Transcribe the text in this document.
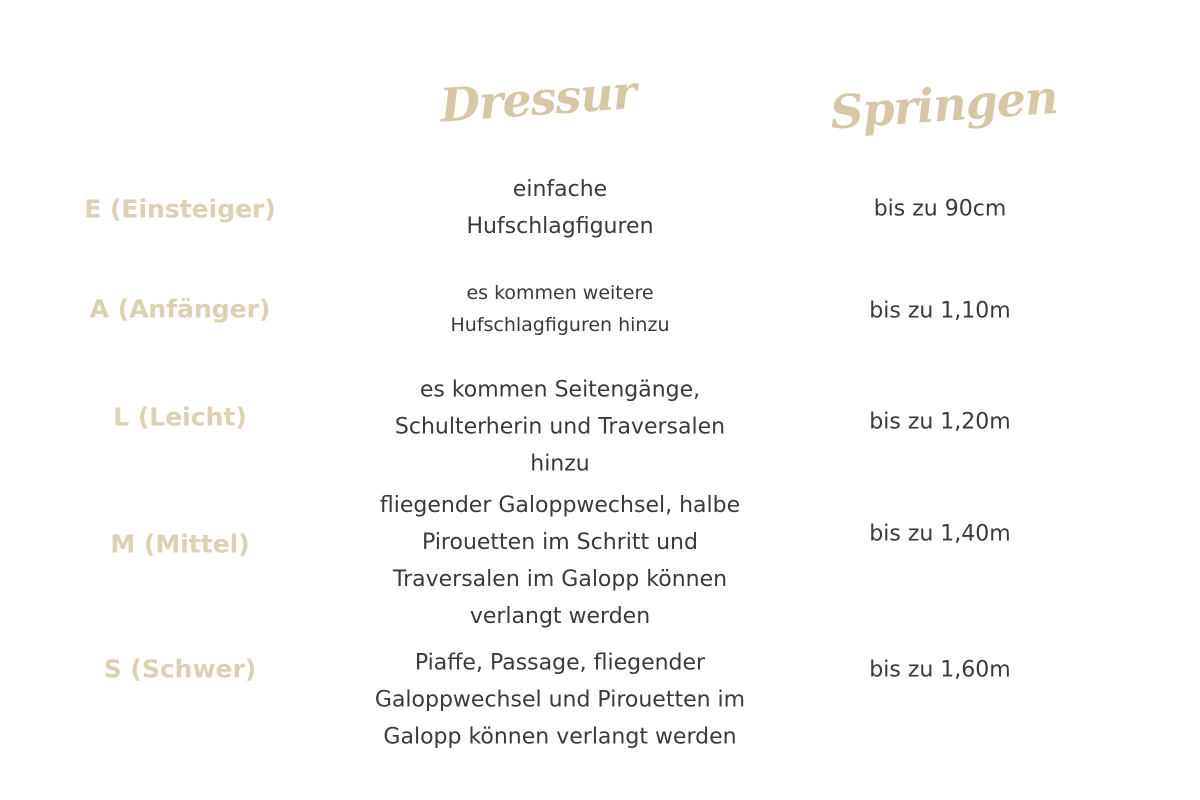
Dressur	Springen
E (Einsteiger)
einfache
Hufschlagfiguren
bis zu 90cm
A (Anfänger)
es kommen weitere
Hufschlagfiguren hinzu
bis zu 1,10m
L (Leicht)
es kommen Seitengänge,
Schulterherin und Traversalen
hinzu
bis zu 1,20m
M (Mittel)
fliegender Galoppwechsel, halbe
Pirouetten im Schritt und
Traversalen im Galopp können
verlangt werden
bis zu 1,40m
S (Schwer)	Piaffe, Passage, fliegender
Galoppwechsel und Pirouetten im
Galopp können verlangt werden
bis zu 1,60m
